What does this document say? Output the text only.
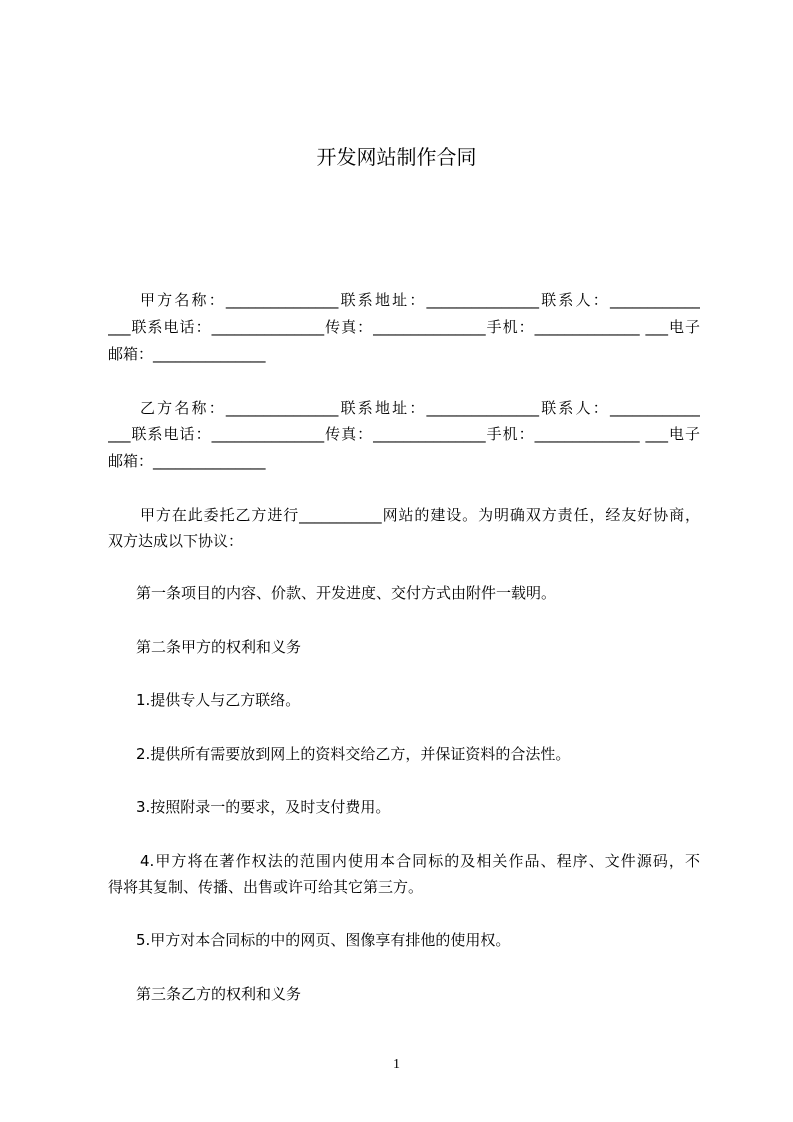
开发网站制作合同
甲方名称：_______________联系地址：_______________联系人：____________
___联系电话：_______________传真：_______________手机：______________ ___电子
邮箱：_______________
乙方名称：_______________联系地址：_______________联系人：____________
___联系电话：_______________传真：_______________手机：______________ ___电子
邮箱：_______________
甲方在此委托乙方进行___________网站的建设。为明确双方责任，经友好协商，
双方达成以下协议：
第一条项目的内容、价款、开发进度、交付方式由附件一载明。
第二条甲方的权利和义务
1.提供专人与乙方联络。
2.提供所有需要放到网上的资料交给乙方，并保证资料的合法性。
3.按照附录一的要求，及时支付费用。
4.甲方将在著作权法的范围内使用本合同标的及相关作品、程序、文件源码，不
得将其复制、传播、出售或许可给其它第三方。
5.甲方对本合同标的中的网页、图像享有排他的使用权。
第三条乙方的权利和义务
1
